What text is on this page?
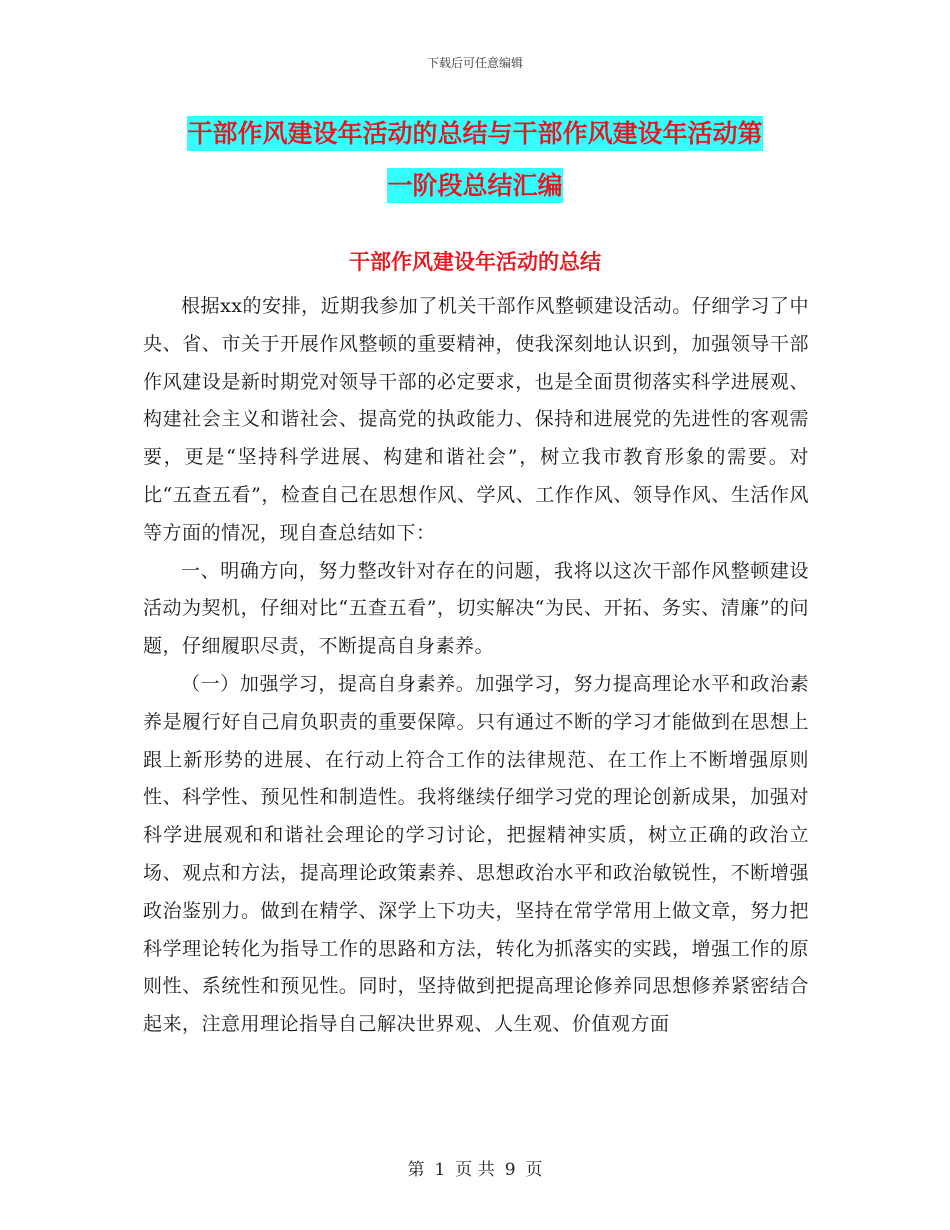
下载后可任意编辑
干部作风建设年活动的总结与干部作风建设年活动第
一阶段总结汇编
干部作风建设年活动的总结

根据xx的安排，近期我参加了机关干部作风整顿建设活动。仔细学习了中央、省、市关于开展作风整顿的重要精神，使我深刻地认识到，加强领导干部作风建设是新时期党对领导干部的必定要求，也是全面贯彻落实科学进展观、构建社会主义和谐社会、提高党的执政能力、保持和进展党的先进性的客观需要，更是“坚持科学进展、构建和谐社会”，树立我市教育形象的需要。对比“五查五看”，检查自己在思想作风、学风、工作作风、领导作风、生活作风等方面的情况，现自查总结如下：

一、明确方向，努力整改针对存在的问题，我将以这次干部作风整顿建设活动为契机，仔细对比“五查五看”，切实解决“为民、开拓、务实、清廉”的问题，仔细履职尽责，不断提高自身素养。

（一）加强学习，提高自身素养。加强学习，努力提高理论水平和政治素养是履行好自己肩负职责的重要保障。只有通过不断的学习才能做到在思想上跟上新形势的进展、在行动上符合工作的法律规范、在工作上不断增强原则性、科学性、预见性和制造性。我将继续仔细学习党的理论创新成果，加强对科学进展观和和谐社会理论的学习讨论，把握精神实质，树立正确的政治立场、观点和方法，提高理论政策素养、思想政治水平和政治敏锐性，不断增强政治鉴别力。做到在精学、深学上下功夫，坚持在常学常用上做文章，努力把科学理论转化为指导工作的思路和方法，转化为抓落实的实践，增强工作的原则性、系统性和预见性。同时，坚持做到把提高理论修养同思想修养紧密结合起来，注意用理论指导自己解决世界观、人生观、价值观方面

第 1 页 共 9 页
